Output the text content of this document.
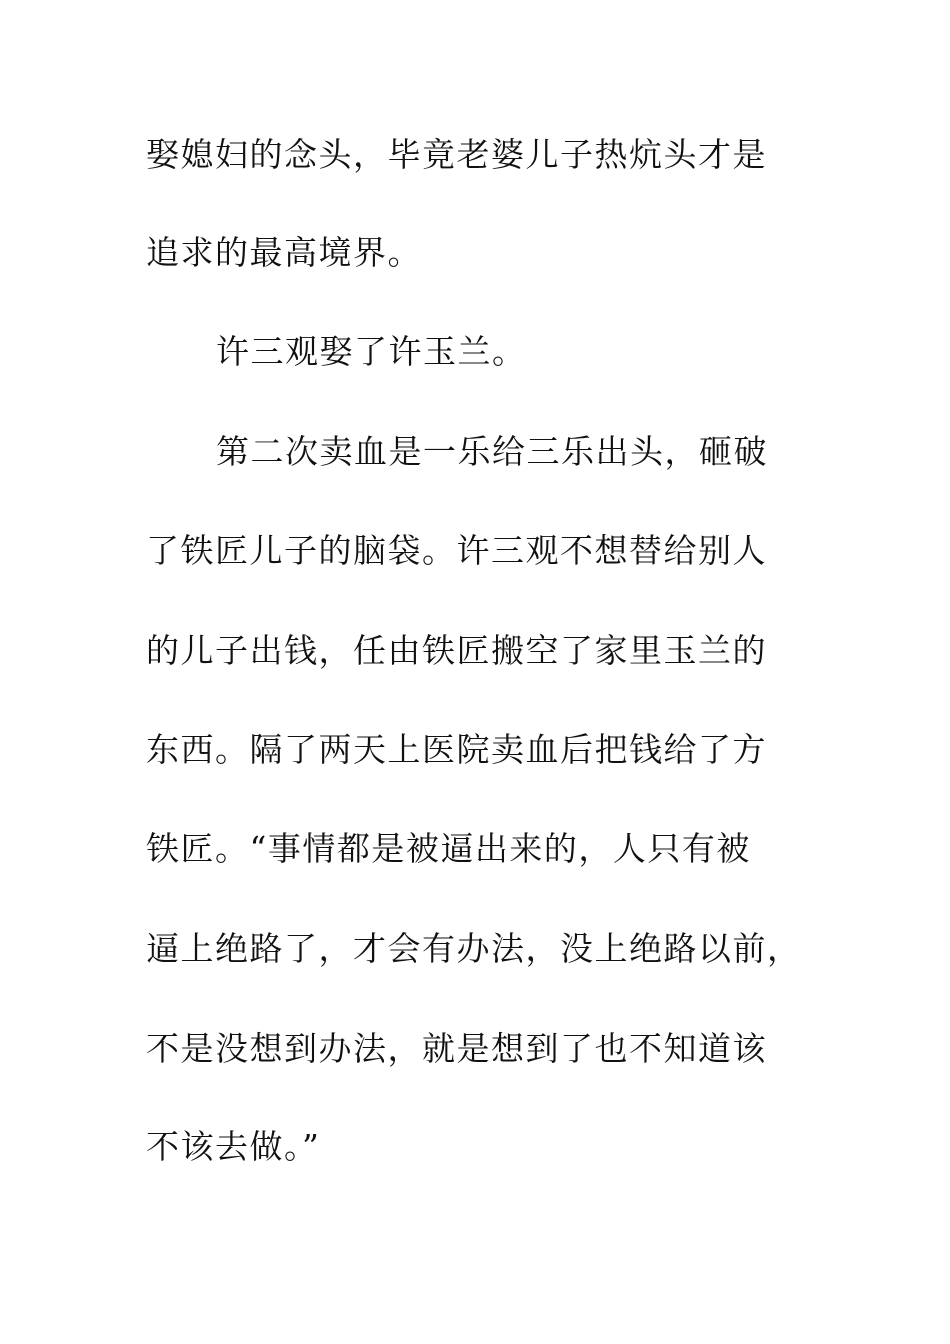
娶媳妇的念头，毕竟老婆儿子热炕头才是
追求的最高境界。
许三观娶了许玉兰。
第二次卖血是一乐给三乐出头，砸破
了铁匠儿子的脑袋。许三观不想替给别人
的儿子出钱，任由铁匠搬空了家里玉兰的
东西。隔了两天上医院卖血后把钱给了方
铁匠。“事情都是被逼出来的，人只有被
逼上绝路了，才会有办法，没上绝路以前，
不是没想到办法，就是想到了也不知道该
不该去做。”
